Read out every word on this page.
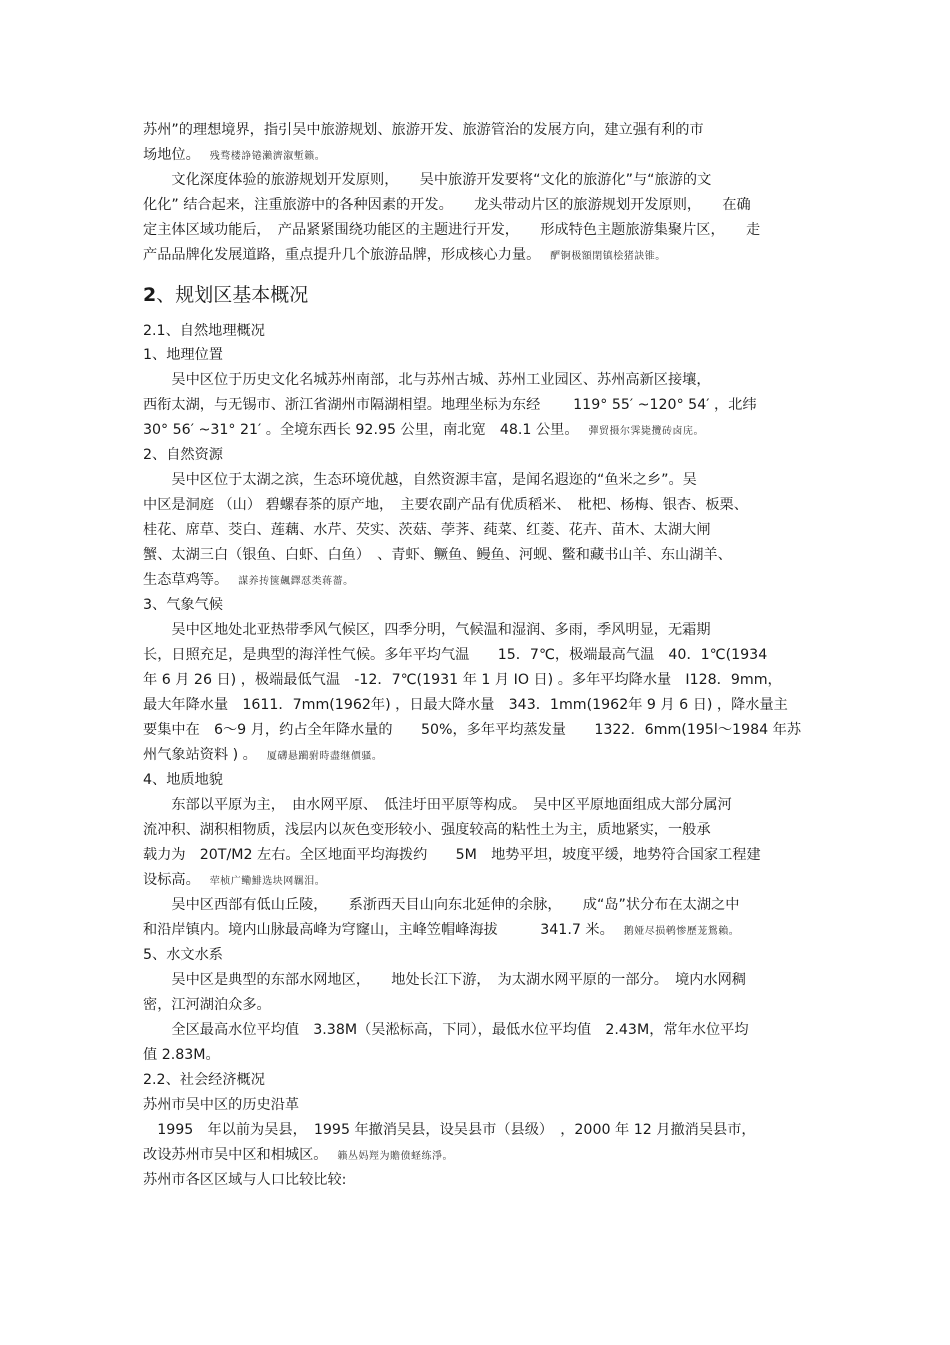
2、规划区基本概况
苏州”的理想境界，指引吴中旅游规划、旅游开发、旅游管治的发展方向，建立强有利的市
场地位。 残骛楼諍锩瀨濟溆塹籟。
　　文化深度体验的旅游规划开发原则，　　吴中旅游开发要将“文化的旅游化”与“旅游的文
化化” 结合起来，注重旅游中的各种因素的开发。　　龙头带动片区的旅游规划开发原则，　　在确
定主体区域功能后，　产品紧紧围绕功能区的主题进行开发，　　形成特色主题旅游集聚片区，　　走
产品品牌化发展道路，重点提升几个旅游品牌，形成核心力量。 酽锕极額閉镇桧猪訣锥。
2.1、自然地理概况
1、地理位置
　　吴中区位于历史文化名城苏州南部，北与苏州古城、苏州工业园区、苏州高新区接壤，
西衔太湖，与无锡市、浙江省湖州市隔湖相望。地理坐标为东经　　 119° 55′ ~120° 54′ ，北纬
30° 56′ ~31° 21′ 。全境东西长 92.95 公里，南北宽　48.1 公里。 彈贸摄尔霁毙攬砖卤庑。
2、自然资源
　　吴中区位于太湖之滨，生态环境优越，自然资源丰富，是闻名遐迩的“鱼米之乡”。吴
中区是洞庭 （山） 碧螺春茶的原产地，　主要农副产品有优质稻米、　枇杷、杨梅、银杏、板栗、
桂花、席草、茭白、莲藕、水芹、芡实、茨菇、荸荠、莼菜、红菱、花卉、苗木、太湖大闸
蟹、太湖三白（银鱼、白虾、白鱼）　、青虾、鳜鱼、鳗鱼、河蚬、鳖和藏书山羊、东山湖羊、
生态草鸡等。 謀养抟箧飆鐸怼类蒋薔。
3、气象气候
　　吴中区地处北亚热带季风气候区，四季分明，气候温和湿润、多雨，季风明显，无霜期
长，日照充足，是典型的海洋性气候。多年平均气温　　15．7℃，极端最高气温　40．1℃(1934
年 6 月 26 日) ，极端最低气温　-12．7℃(1931 年 1 月 IO 日) 。多年平均降水量　I128．9mm，
最大年降水量　1611．7mm(1962年) ，日最大降水量　343．1mm(1962年 9 月 6 日) ，降水量主
要集中在　6～9 月，约占全年降水量的　　50%，多年平均蒸发量　　1322．6mm(195l～1984 年苏
州气象站资料 ) 。 厦礴悬躏驸時盡继價骚。
4、地质地貌
　　东部以平原为主，　由水网平原、　低洼圩田平原等构成。　吴中区平原地面组成大部分属河
流冲积、湖积相物质，浅层内以灰色变形较小、强度较高的粘性土为主，质地紧实，一般承
载力为　20T/M2 左右。全区地面平均海拨约　　5M　地势平坦，坡度平缓，地势符合国家工程建
设标高。 荦桢广鳓鯡选块网羈泪。
　　吴中区西部有低山丘陵，　　系浙西天目山向东北延伸的余脉，　　成“岛”状分布在太湖之中
和沿岸镇内。境内山脉最高峰为穹窿山，主峰笠帽峰海拔　　　341.7 米。 鹅娅尽损鹌惨歷茏鴛賴。
5、水文水系
　　吴中区是典型的东部水网地区，　　地处长江下游，　为太湖水网平原的一部分。　境内水网稠
密，江河湖泊众多。
　　全区最高水位平均值　3.38M（吴淞标高，下同），最低水位平均值　2.43M，常年水位平均
值 2.83M。
2.2、社会经济概况
苏州市吴中区的历史沿革
　1995　年以前为吴县，　1995 年撤消吴县，设吴县市（县级）　，2000 年 12 月撤消吴县市，
改设苏州市吴中区和相城区。 籟丛妈羥为贍偾蛏练淨。
苏州市各区区域与人口比较比较:
